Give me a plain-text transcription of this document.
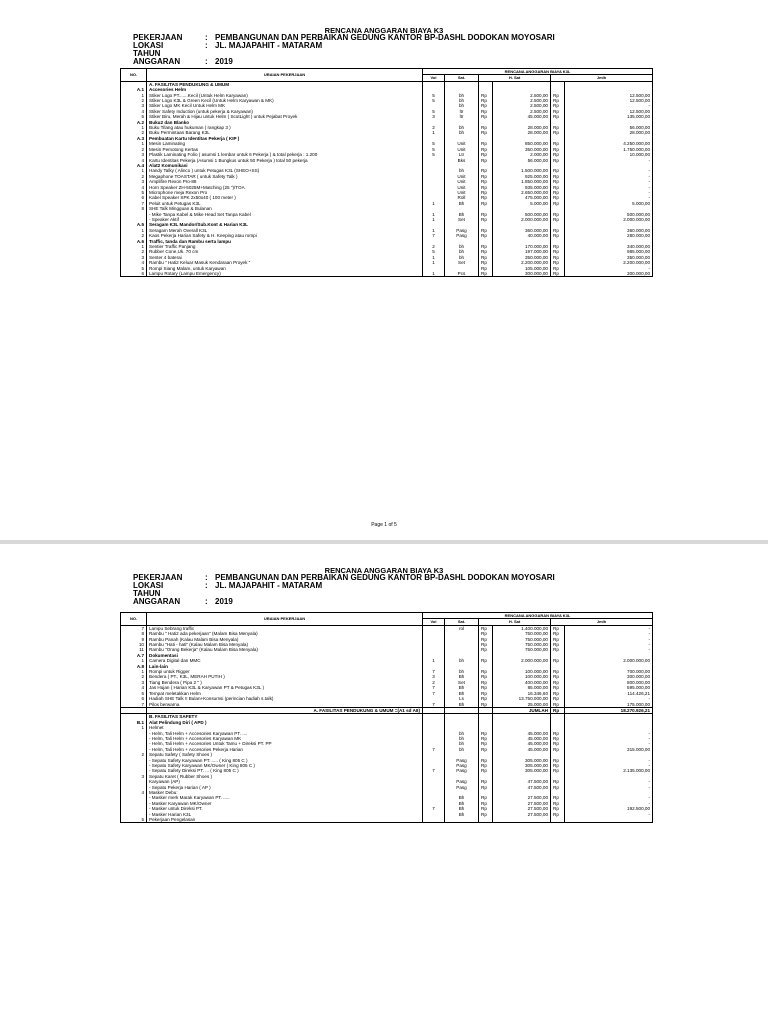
RENCANA ANGGARAN BIAYA K3
PEKERJAAN	: PEMBANGUNAN DAN PERBAIKAN GEDUNG KANTOR BP-DASHL DODOKAN MOYOSARI
LOKASI	: JL. MAJAPAHIT - MATARAM
TAHUN ANGGARAN	: 2019
NO.	URAIAN PEKERJAAN	RENCANA ANGGARAN BIAYA K3L					
		Vol	Sat.	H. Sat		Jmlh	
	A. FASILITAS PENDUKUNG & UMUM						
A.1	Accesories Helm						
1	Stiker Logo PT.......Kecil (Untuk Helm Karyawan)	5	bh	Rp	2.500,00	Rp	12.500,00
2	Stiker Logo K3L & Green Kecil (Untuk Helm Karyawan & MK)	5	bh	Rp	2.500,00	Rp	12.500,00
3	Stiker Logo MK Kecil Untuk Helm MK		bh	Rp	2.500,00	Rp	-
4	Stiker Safety Induction (untuk pekerja & Karyawan)	5	ltr	Rp	2.500,00	Rp	12.500,00
5	Stiker Biru, Merah & Hijau untuk Helm ( ScotLight ) untuk Pejabat Proyek	3	ltr	Rp	45.000,00	Rp	135.000,00
A.2	Buku2 dan Blanko						
1	Buku Tilang atau hukuman ( rangkap 3 )	2	bh	Rp	28.000,00	Rp	56.000,00
2	Buku Permintaan Barang K3L	1	bh	Rp	28.000,00	Rp	28.000,00
A.3	Pembuatan Kartu Identitas Pekerja ( KIP )						
1	Mesin Laminating	5	Unit	Rp	850.000,00	Rp	4.250.000,00
2	Mesin Pemotong Kertas	5	Unit	Rp	350.000,00	Rp	1.750.000,00
3	Plastik Laminating Folio ( asumsi 1 lembar untuk 6 Pekerja ) & total pekerja : 1.200	5	Ltr	Rp	2.000,00	Rp	10.000,00
4	Kartu Identitas Pekerja (Asumsi 1 Bungkus untuk 50 Pekerja ) total 50 pekerja		Bks	Rp	56.000,00	Rp	-
A.4	Alat2 Komunikasi						
1	Handy Talky ( Alinco ) untuk Petugas K3L (SHEO+SS)		bh	Rp	1.500.000,00	Rp	-
2	Megaphone TOASTAR ( untuk Safety Talk )		Unit	Rp	925.000,00	Rp	-
3	Amplifire Rexon Pro-88		Unit	Rp	1.850.000,00	Rp	-
4	Horn Speaker ZH-5025M+Matching (25 ")/TOA		Unit	Rp	935.000,00	Rp	-
5	Microphone meja Rexon Pro		Unit	Rp	2.650.000,00	Rp	-
6	Kabel Speaker SPK 2x50x40 ( 100 meter )		Roll	Rp	475.000,00	Rp	-
7	Peluit untuk Petugas K3L	1	Bh	Rp	5.000,00	Rp	5.000,00
8	SHE Talk Mingguan & Bulanan						
	- Mike Tanpa Kabel & Mike Head Set Tanpa Kabel	1	Bh	Rp	500.000,00	Rp	500.000,00
	- Speaker Aktif	1	Set	Rp	2.000.000,00	Rp	2.000.000,00
A.5	Seragam K3L Mandor/Sub.Kont & Harian K3L						
1	Seragam Merah Overall K3L	1	Pasg	Rp	360.000,00	Rp	360.000,00
2	Kaos Pekerja Harian Safety & H. Keeping atau rompi	7	Pasg	Rp	40.000,00	Rp	280.000,00
A.6	Traffic, tanda dan Rambu serta lampu						
1	Sentier Traffic Panjang	2	bh	Rp	170.000,00	Rp	340.000,00
2	Rubber Cone,Uk. 70 cm	5	bh	Rp	197.000,00	Rp	985.000,00
3	Senter 4 baterai	1	bh	Rp	350.000,00	Rp	350.000,00
4	Rambu " Hati2 Keluar Masuk Kendaraan Proyek "	1	Set	Rp	2.200.000,00	Rp	2.200.000,00
5	Rompi Siang Malam, untuk Karyawan			Rp	105.000,00	Rp	-
6	Lampu Rotary (Lampu Emergency)	1	Pcs	Rp	300.000,00	Rp	300.000,00
Page 1 of 5
RENCANA ANGGARAN BIAYA K3
PEKERJAAN	: PEMBANGUNAN DAN PERBAIKAN GEDUNG KANTOR BP-DASHL DODOKAN MOYOSARI
LOKASI	: JL. MAJAPAHIT - MATARAM
TAHUN ANGGARAN	: 2019
NO.	URAIAN PEKERJAAN	RENCANA ANGGARAN BIAYA K3L					
		Vol	Sat.	H. Sat		Jmlh	
7	Lampu Sebrang traffic		rol	Rp	1.400.000,00	Rp	-
8	Rambu " Hati2 ada pekerjaan" (Malam Bisa Menyala)			Rp	750.000,00	Rp	-
9	Rambu Panah (Kalau Malam Bisa Menyala)			Rp	750.000,00	Rp	-
10	Rambu "Hati - hati" (Kalau Malam Bisa Menyala)			Rp	750.000,00	Rp	-
11	Rambu "Orang Bekerja" (Kalau Malam Bisa Menyala)			Rp	750.000,00	Rp	-
A.7	Dokumentasi						
1	Camera Digital dan MMC	1	bh	Rp	2.000.000,00	Rp	2.000.000,00
A.8	Lain-lain						
1	Rompi untuk Rigger	7	bh	Rp	100.000,00	Rp	700.000,00
2	Bendera ( PT., K3L, MERAH PUTIH )	3	Bh	Rp	100.000,00	Rp	300.000,00
3	Tiang Bendera ( Pipa 2 " )	2	Set	Rp	400.000,00	Rp	800.000,00
4	Jas Hujan ( Harian K3L & Karyawan PT & Petugas K3L )	7	Bh	Rp	85.000,00	Rp	595.000,00
5	Tempat meletakkan Helm	7	Bh	Rp	16.346,60	Rp	114.426,21
6	Hadiah SHE Talk !! Bulan+Konsumsi (perincian hadiah s.talk)		Ls	Rp	13.750.000,00	Rp	-
7	Pilox berwarna	7	Bh	Rp	25.000,00	Rp	175.000,00
	A. FASILITAS PENDUKUNG & UMUM =(A1 sd A8)				JUMLAH	Rp	18.270.926,21
	B. FASILITAS SAFETY						
B.1	Alat Pelindung Diri ( APD )						
1	Helmet						
	- Helm, Tali Helm + Accesories Karyawan PT. ....		bh	Rp	45.000,00	Rp	-
	- Helm, Tali Helm + Accesories Karyawan MK		bh	Rp	45.000,00	Rp	-
	- Helm, Tali Helm + Accesories Untuk Tamu + Direksi PT. PP		bh	Rp	45.000,00	Rp	-
	- Helm, Tali Helm + Accesories Pekerja Harian	7	bh	Rp	45.000,00	Rp	315.000,00
2	Sepatu Safety ( Safety Shoes )						
	- Sepatu Safety Karyawan PT. ..... ( King 805 C )		Pasg	Rp	305.000,00	Rp	-
	- Sepatu Safety Karyawan MK/Owner ( King 805 C )		Pasg	Rp	305.000,00	Rp	-
	- Sepatu Safety Direksi PT. ... ( King 805 C )	7	Pasg	Rp	305.000,00	Rp	2.135.000,00
3	Sepatu Karet ( Rubber Shoes )						
	Karyawan (AP)		Pasg	Rp	47.500,00	Rp	-
	- Sepatu Pekerja Harian ( AP )		Pasg	Rp	47.500,00	Rp	-
4	Masker Debu:						
	- Masker merk Marak Karyawan PT. .....		Bh	Rp	27.500,00	Rp	-
	- Masker Karyawan MK/Owner		Bh	Rp	27.500,00	Rp	-
	- Masker untuk Direksi PT.	7	Bh	Rp	27.500,00	Rp	192.500,00
	- Masker Harian K3L		Bh	Rp	27.500,00	Rp	-
5	Pekerjaan Pengelasan						
